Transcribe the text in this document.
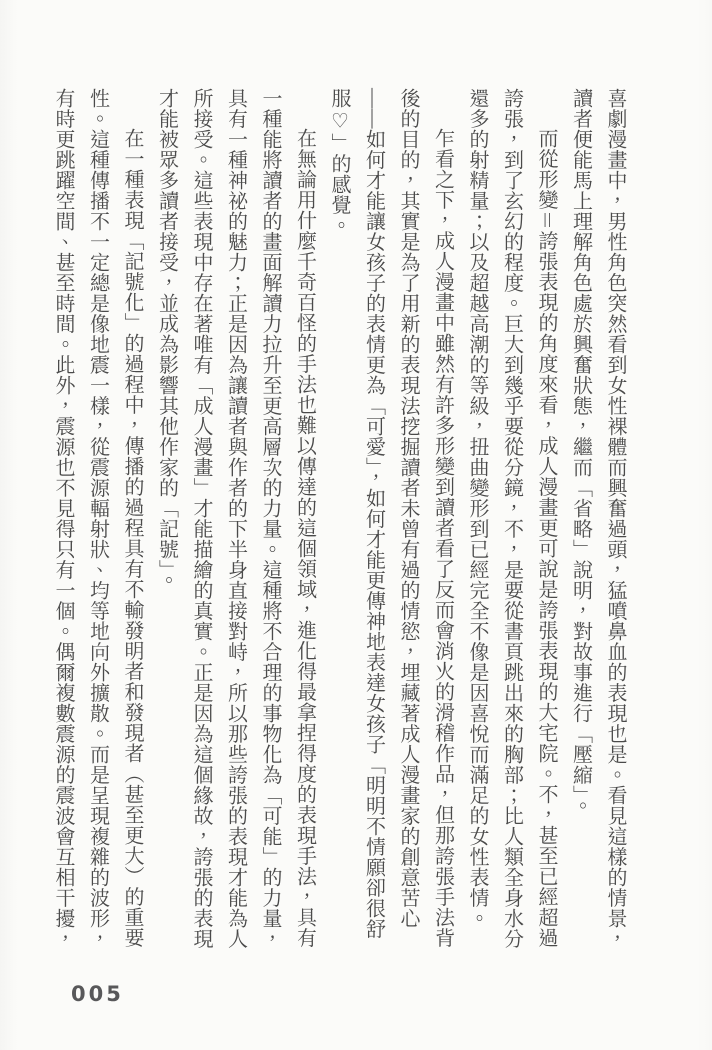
喜劇漫畫中，男性角色突然看到女性裸體而興奮過頭，猛噴鼻血的表現也是。看見這樣的情景，讀者便能馬上理解角色處於興奮狀態，繼而「省略」說明，對故事進行「壓縮」。

而從形變＝誇張表現的角度來看，成人漫畫更可說是誇張表現的大宅院。不，甚至已經超過誇張，到了玄幻的程度。巨大到幾乎要從分鏡，不，是要從書頁跳出來的胸部；比人類全身水分還多的射精量；以及超越高潮的等級，扭曲變形到已經完全不像是因喜悅而滿足的女性表情。

乍看之下，成人漫畫中雖然有許多形變到讀者看了反而會消火的滑稽作品，但那誇張手法背後的目的，其實是為了用新的表現法挖掘讀者未曾有過的情慾，埋藏著成人漫畫家的創意苦心——如何才能讓女孩子的表情更為「可愛」，如何才能更傳神地表達女孩子「明明不情願卻很舒服♡」的感覺。

在無論用什麼千奇百怪的手法也難以傳達的這個領域，進化得最拿捏得度的表現手法，具有一種能將讀者的畫面解讀力拉升至更高層次的力量。這種將不合理的事物化為「可能」的力量，具有一種神祕的魅力；正是因為讓讀者與作者的下半身直接對峙，所以那些誇張的表現才能為人所接受。這些表現中存在著唯有「成人漫畫」才能描繪的真實。正是因為這個緣故，誇張的表現才能被眾多讀者接受，並成為影響其他作家的「記號」。

在一種表現「記號化」的過程中，傳播的過程具有不輸發明者和發現者（甚至更大）的重要性。這種傳播不一定總是像地震一樣，從震源輻射狀、均等地向外擴散。而是呈現複雜的波形，有時更跳躍空間、甚至時間。此外，震源也不見得只有一個。偶爾複數震源的震波會互相干擾，

005
